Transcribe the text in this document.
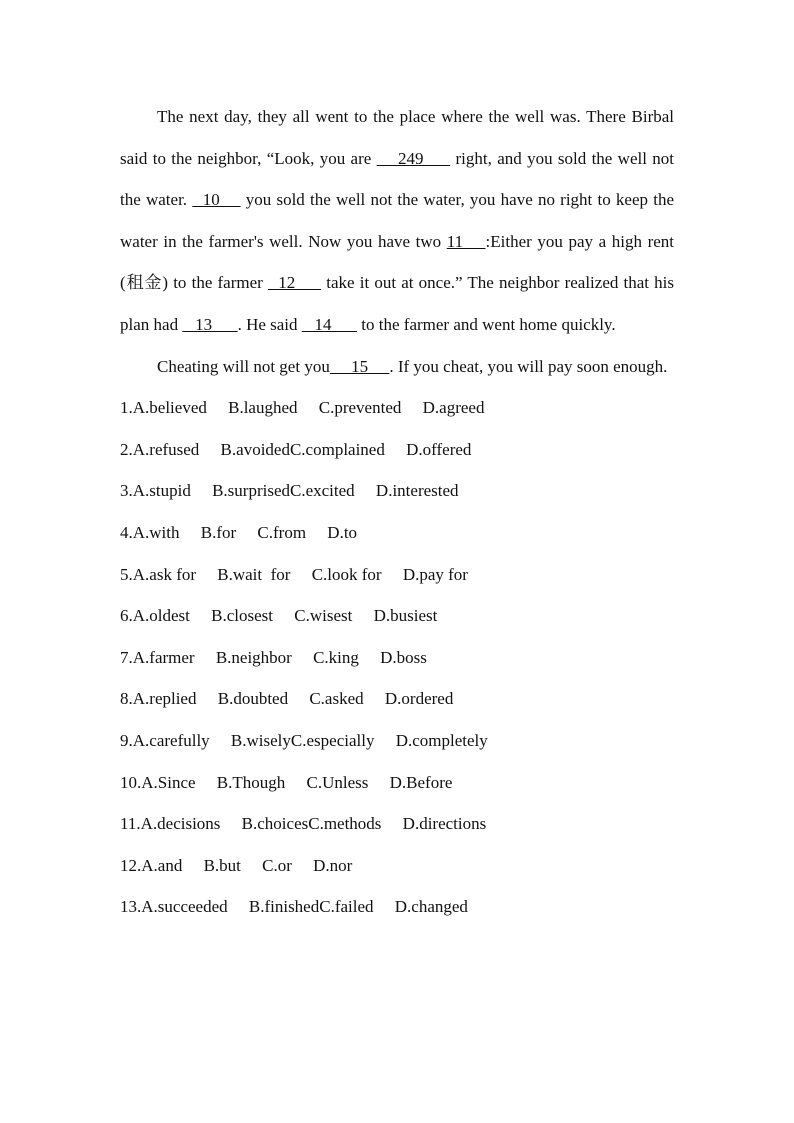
The next day, they all went to the place where the well was. There Birbal said to the neighbor, “Look, you are     249      right, and you sold the well not the water.   10     you sold the well not the water, you have no right to keep the water in the farmer's well. Now you have two 11    :Either you pay a high rent (租金) to the farmer   12      take it out at once.” The neighbor realized that his plan had    13      . He said    14       to the farmer and went home quickly.

Cheating will not get you     15     . If you cheat, you will pay soon enough.

1.A.believed     B.laughed     C.prevented     D.agreed
2.A.refused     B.avoidedC.complained     D.offered
3.A.stupid     B.surprisedC.excited     D.interested
4.A.with     B.for     C.from     D.to
5.A.ask for     B.wait  for     C.look for     D.pay for
6.A.oldest     B.closest     C.wisest     D.busiest
7.A.farmer     B.neighbor     C.king     D.boss
8.A.replied     B.doubted     C.asked     D.ordered
9.A.carefully     B.wiselyC.especially     D.completely
10.A.Since     B.Though     C.Unless     D.Before
11.A.decisions     B.choicesC.methods     D.directions
12.A.and     B.but     C.or     D.nor
13.A.succeeded     B.finishedC.failed     D.changed
